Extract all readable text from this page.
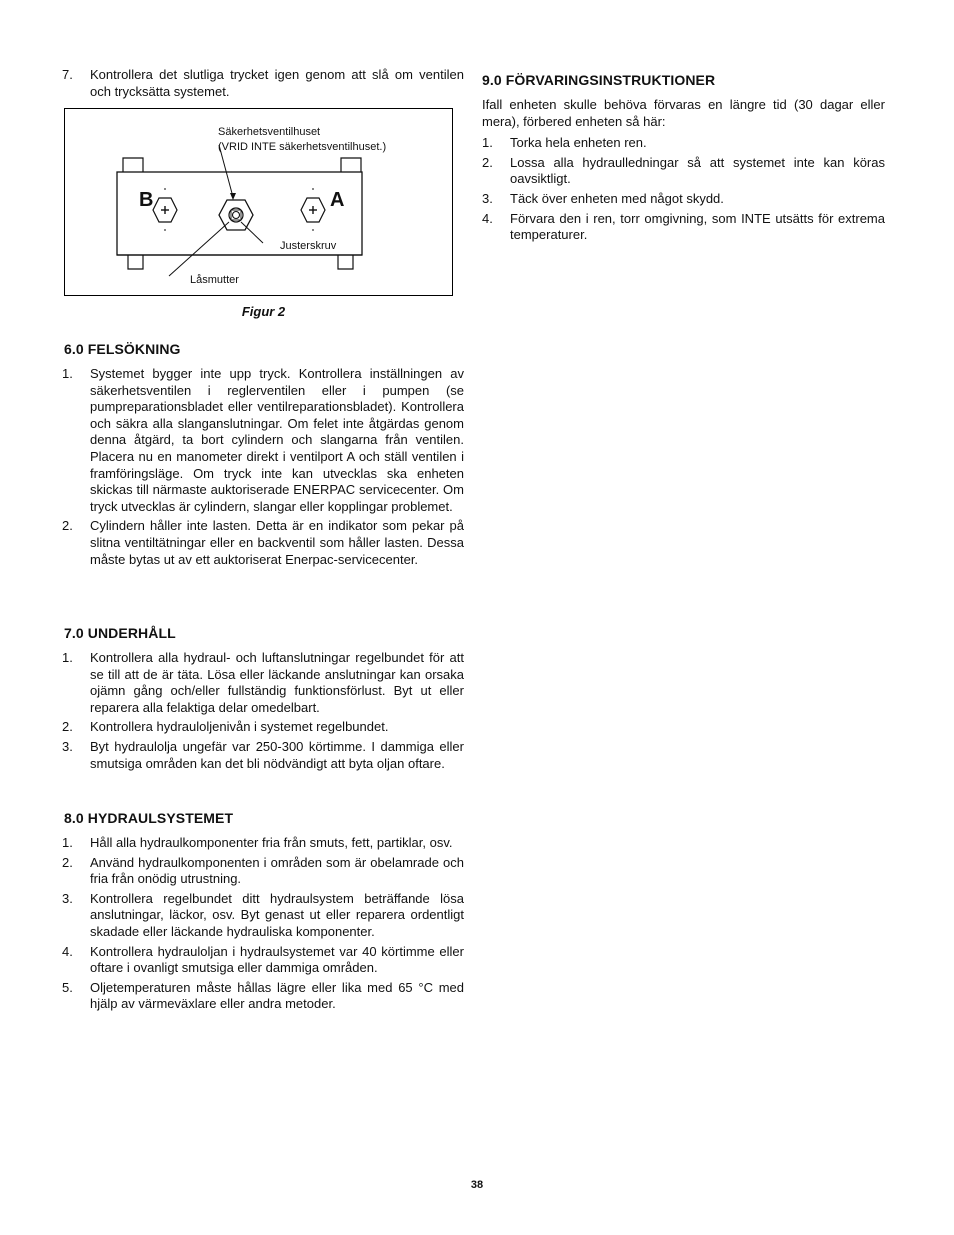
7. Kontrollera det slutliga trycket igen genom att slå om ventilen och trycksätta systemet.
B	A
Säkerhetsventilhuset
(VRID INTE säkerhetsventilhuset.)
Justerskruv
Låsmutter
Figur 2
6.0 FELSÖKNING
1. Systemet bygger inte upp tryck. Kontrollera inställningen av säkerhetsventilen i reglerventilen eller i pumpen (se pumpreparationsbladet eller ventilreparationsbladet). Kontrollera och säkra alla slanganslutningar. Om felet inte åtgärdas genom denna åtgärd, ta bort cylindern och slangarna från ventilen. Placera nu en manometer direkt i ventilport A och ställ ventilen i framföringsläge. Om tryck inte kan utvecklas ska enheten skickas till närmaste auktoriserade ENERPAC servicecenter. Om tryck utvecklas är cylindern, slangar eller kopplingar problemet.
2. Cylindern håller inte lasten. Detta är en indikator som pekar på slitna ventiltätningar eller en backventil som håller lasten. Dessa måste bytas ut av ett auktoriserat Enerpac-servicecenter.
7.0 UNDERHÅLL
1. Kontrollera alla hydraul- och luftanslutningar regelbundet för att se till att de är täta. Lösa eller läckande anslutningar kan orsaka ojämn gång och/eller fullständig funktionsförlust. Byt ut eller reparera alla felaktiga delar omedelbart.
2. Kontrollera hydrauloljenivån i systemet regelbundet.
3. Byt hydraulolja ungefär var 250-300 körtimme. I dammiga eller smutsiga områden kan det bli nödvändigt att byta oljan oftare.
8.0 HYDRAULSYSTEMET
1. Håll alla hydraulkomponenter fria från smuts, fett, partiklar, osv.
2. Använd hydraulkomponenten i områden som är obelamrade och fria från onödig utrustning.
3. Kontrollera regelbundet ditt hydraulsystem beträffande lösa anslutningar, läckor, osv. Byt genast ut eller reparera ordentligt skadade eller läckande hydrauliska komponenter.
4. Kontrollera hydrauloljan i hydraulsystemet var 40 körtimme eller oftare i ovanligt smutsiga eller dammiga områden.
5. Oljetemperaturen måste hållas lägre eller lika med 65 °C med hjälp av värmeväxlare eller andra metoder.
9.0 FÖRVARINGSINSTRUKTIONER
Ifall enheten skulle behöva förvaras en längre tid (30 dagar eller mera), förbered enheten så här:
1. Torka hela enheten ren.
2. Lossa alla hydraulledningar så att systemet inte kan köras oavsiktligt.
3. Täck över enheten med något skydd.
4. Förvara den i ren, torr omgivning, som INTE utsätts för extrema temperaturer.
38
